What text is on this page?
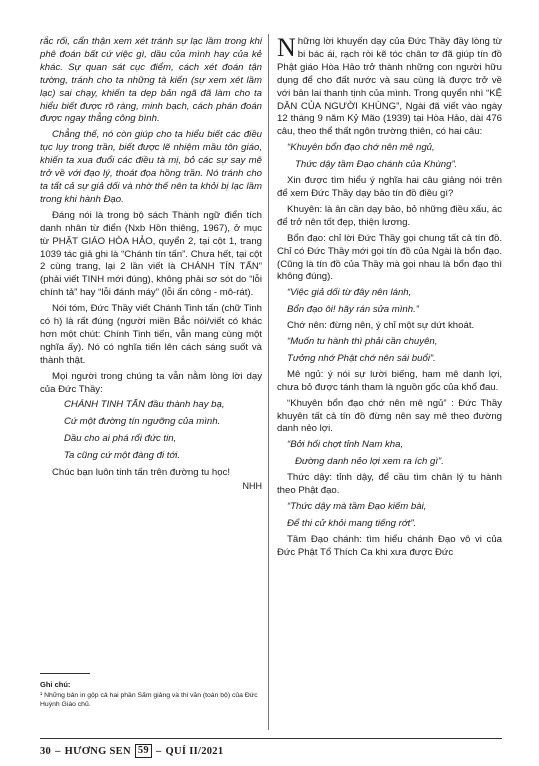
rắc rối, cẩn thận xem xét tránh sự lạc lầm trong khi phê đoán bất cứ việc gì, dầu của mình hay của kẻ khác. Sự quan sát cục điểm, cách xét đoán tận tường, tránh cho ta những tà kiến (sự xem xét lầm lạc) sai chạy, khiến ta dẹp bản ngã đã làm cho ta hiểu biết được rõ ràng, minh bạch, cách phán đoán được ngay thẳng công bình.

Chẳng thế, nó còn giúp cho ta hiểu biết các điều tục lụy trong trần, biết được lẽ nhiệm mầu tôn giáo, khiến ta xua đuổi các điều tà mị, bỏ các sự say mê trở về với đạo lý, thoát đọa hồng trần. Nó tránh cho ta tất cả sự giả dối và nhờ thế nên ta khỏi bị lạc lầm trong khi hành Đạo.

Đáng nói là trong bộ sách Thành ngữ điển tích danh nhân từ điển (Nxb Hồn thiêng, 1967), ở mục từ PHẬT GIÁO HÒA HẢO, quyển 2, tại cột 1, trang 1039 tác giả ghi là “Chánh tín tấn”. Chưa hết, tại cột 2 cùng trang, lại 2 lần viết là CHÁNH TÍN TẤN” (phải viết TINH mới đúng), không phải sơ sót do “lỗi chính tả” hay “lỗi đánh máy” (lỗi ấn công - mô-rát).

Nói tóm, Đức Thầy viết Chánh Tinh tấn (chữ Tinh có h) là rất đúng (người miền Bắc nói/viết có khác hơn một chút: Chính Tinh tiến, vẫn mang cùng một nghĩa ấy). Nó có nghĩa tiến lên cách sáng suốt và thành thật.

Mọi người trong chúng ta vẫn nằm lòng lời dạy của Đức Thầy:

CHÁNH TINH TẤN đầu thành hay bạ,
Cứ một đường tín ngưỡng của mình.
Dầu cho ai phá rối đức tin,
Ta cũng cứ một đàng đi tới.

Chúc bạn luôn tinh tấn trên đường tu học!

NHH

Những lời khuyến dạy của Đức Thầy đầy lòng từ bi bác ái, rạch ròi kẽ tóc chân tơ đã giúp tín đồ Phật giáo Hòa Hảo trở thành những con người hữu dụng để cho đất nước và sau cùng là được trở về với bản lai thanh tịnh của mình. Trong quyển nhì “KỆ DÂN CỦA NGƯỜI KHÙNG”, Ngài đã viết vào ngày 12 tháng 9 năm Kỷ Mão (1939) tại Hòa Hảo, dài 476 câu, theo thể thất ngôn trường thiên, có hai câu:

“Khuyên bổn đạo chớ nên mê ngủ,
Thức dậy tầm Đạo chánh của Khùng”.

Xin được tìm hiểu ý nghĩa hai câu giảng nói trên để xem Đức Thầy dạy bảo tín đồ điều gì?

Khuyên: là ân cần dạy bảo, bỏ những điều xấu, ác để trở nên tốt đẹp, thiện lương.

Bổn đạo: chỉ lời Đức Thầy gọi chung tất cả tín đồ. Chỉ có Đức Thầy mới gọi tín đồ của Ngài là bổn đạo. (Cũng là tín đồ của Thầy mà gọi nhau là bổn đạo thì không đúng).

“Việc giả dối từ đây nên lánh,
Bổn đạo ôi! hãy rán sửa mình.”

Chớ nên: đừng nên, ý chỉ một sự dứt khoát.

“Muốn tu hành thì phải cần chuyên,
Tưởng nhớ Phật chớ nên sái buổi”.

Mê ngủ: ý nói sự lười biếng, ham mê danh lợi, chưa bỏ được tánh tham là nguồn gốc của khổ đau.

“Khuyên bổn đạo chớ nên mê ngủ” : Đức Thầy khuyên tất cả tín đồ đừng nên say mê theo đường danh nẻo lợi.

“Bởi hối chợt tỉnh Nam kha,
Đường danh nẻo lợi xem ra ích gì”.

Thức dậy: tỉnh dậy, để cầu tìm chân lý tu hành theo Phật đạo.

“Thức dậy mà tầm Đạo kiếm bài,
Để thi cử khỏi mang tiếng rớt”.

Tầm Đạo chánh: tìm hiểu chánh Đạo vô vi của Đức Phật Tổ Thích Ca khi xưa được Đức

Ghi chú:
¹ Những bản in gộp cả hai phần Sấm giảng và thi văn (toàn bộ) của Đức Huỳnh Giáo chủ.
30 – HƯƠNG SEN 59 – QUÍ II/2021
